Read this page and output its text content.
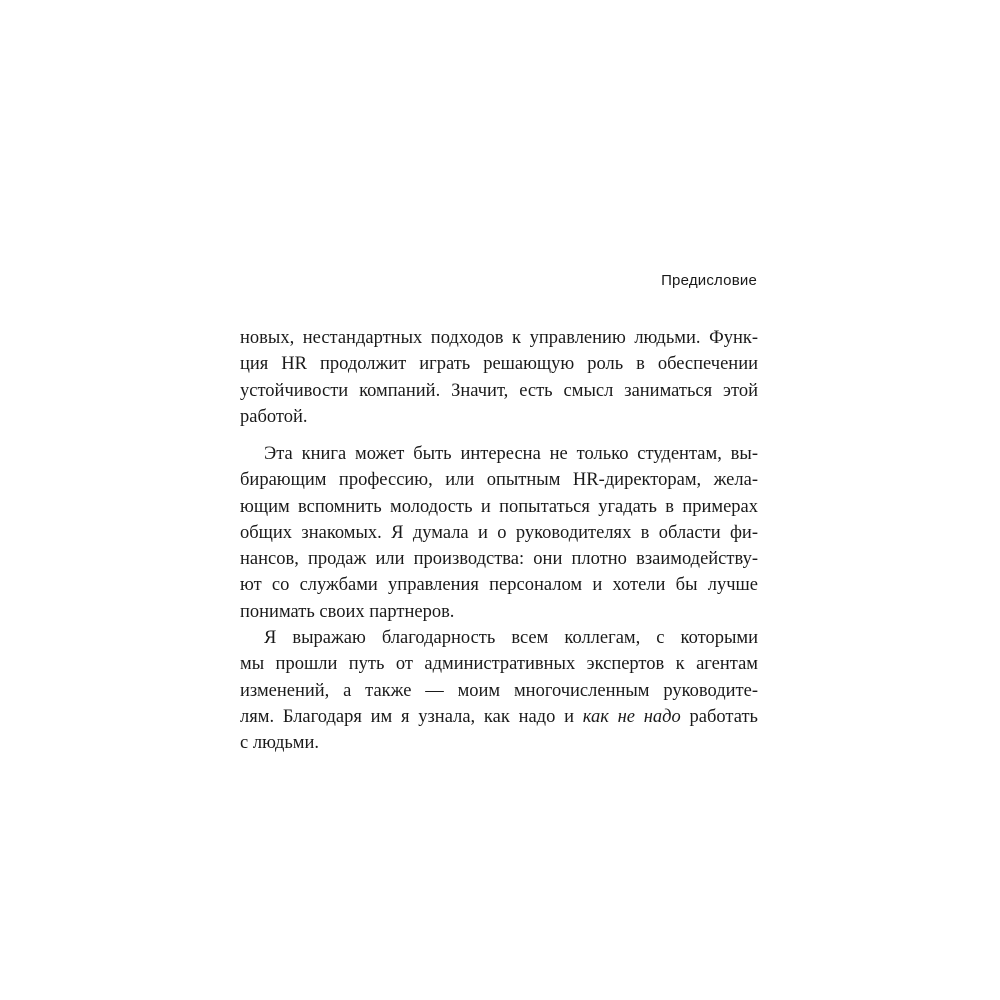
Предисловие
новых, нестандартных подходов к управлению людьми. Функ-
ция HR продолжит играть решающую роль в обеспечении
устойчивости компаний. Значит, есть смысл заниматься этой
работой.
Эта книга может быть интересна не только студентам, вы-
бирающим профессию, или опытным HR-директорам, жела-
ющим вспомнить молодость и попытаться угадать в примерах
общих знакомых. Я думала и о руководителях в области фи-
нансов, продаж или производства: они плотно взаимодейству-
ют со службами управления персоналом и хотели бы лучше
понимать своих партнеров.
Я выражаю благодарность всем коллегам, с которыми
мы прошли путь от административных экспертов к агентам
изменений, а также — моим многочисленным руководите-
лям. Благодаря им я узнала, как надо и как не надо работать
с людьми.
